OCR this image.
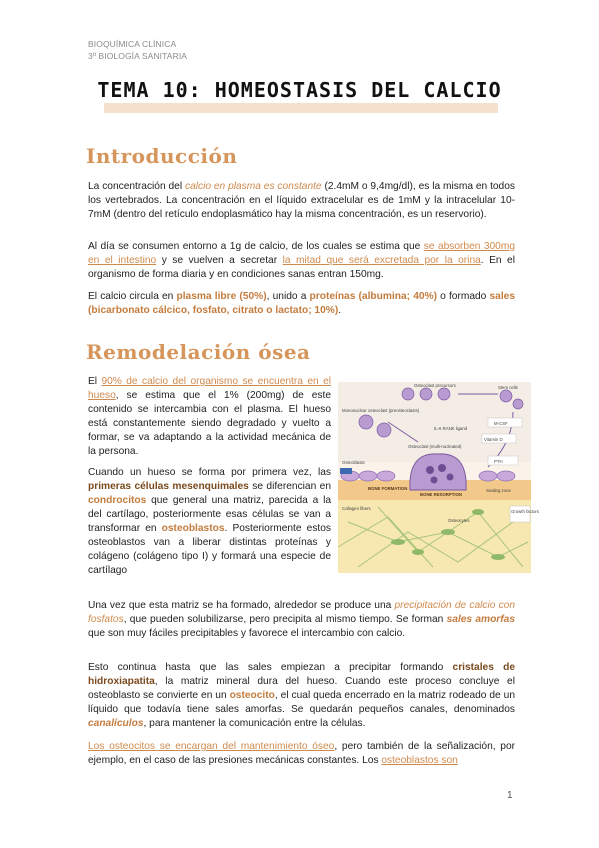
BIOQUÍMICA CLÍNICA
3º BIOLOGÍA SANITARIA
TEMA 10: HOMEOSTASIS DEL CALCIO
Introducción

La concentración del calcio en plasma es constante (2.4mM o 9,4mg/dl), es la misma en todos los vertebrados. La concentración en el líquido extracelular es de 1mM y la intracelular 10-7mM (dentro del retículo endoplasmático hay la misma concentración, es un reservorio).

Al día se consumen entorno a 1g de calcio, de los cuales se estima que se absorben 300mg en el intestino y se vuelven a secretar la mitad que será excretada por la orina. En el organismo de forma diaria y en condiciones sanas entran 150mg.

El calcio circula en plasma libre (50%), unido a proteínas (albumina; 40%) o formado sales (bicarbonato cálcico, fosfato, citrato o lactato; 10%).

Remodelación ósea

El 90% de calcio del organismo se encuentra en el hueso, se estima que el 1% (200mg) de este contenido se intercambia con el plasma. El hueso está constantemente siendo degradado y vuelto a formar, se va adaptando a la actividad mecánica de la persona.

Cuando un hueso se forma por primera vez, las primeras células mesenquimales se diferencian en condrocitos que general una matriz, parecida a la del cartílago, posteriormente esas células se van a transformar en osteoblastos. Posteriormente estos osteoblastos van a liberar distintas proteínas y colágeno (colágeno tipo I) y formará una especie de cartílago

Osteoclast precursors	Stem cells
Mononuclear osteoclast (preosteoclasts)
IL-6 RANK ligand
M-CSF
Vitamin D
Osteoclast (multi-nucleated)
PTH
Osteoblasts
BONE FORMATION
BONE RESORPTION
Sealing zone
Growth factors
Collagen fibers
Osteocytes

Una vez que esta matriz se ha formado, alrededor se produce una precipitación de calcio con fosfatos, que pueden solubilizarse, pero precipita al mismo tiempo. Se forman sales amorfas que son muy fáciles precipitables y favorece el intercambio con calcio.

Esto continua hasta que las sales empiezan a precipitar formando cristales de hidroxiapatita, la matriz mineral dura del hueso. Cuando este proceso concluye el osteoblasto se convierte en un osteocito, el cual queda encerrado en la matriz rodeado de un líquido que todavía tiene sales amorfas. Se quedarán pequeños canales, denominados canalículos, para mantener la comunicación entre la células.

Los osteocitos se encargan del mantenimiento óseo, pero también de la señalización, por ejemplo, en el caso de las presiones mecánicas constantes. Los osteoblastos son

1
